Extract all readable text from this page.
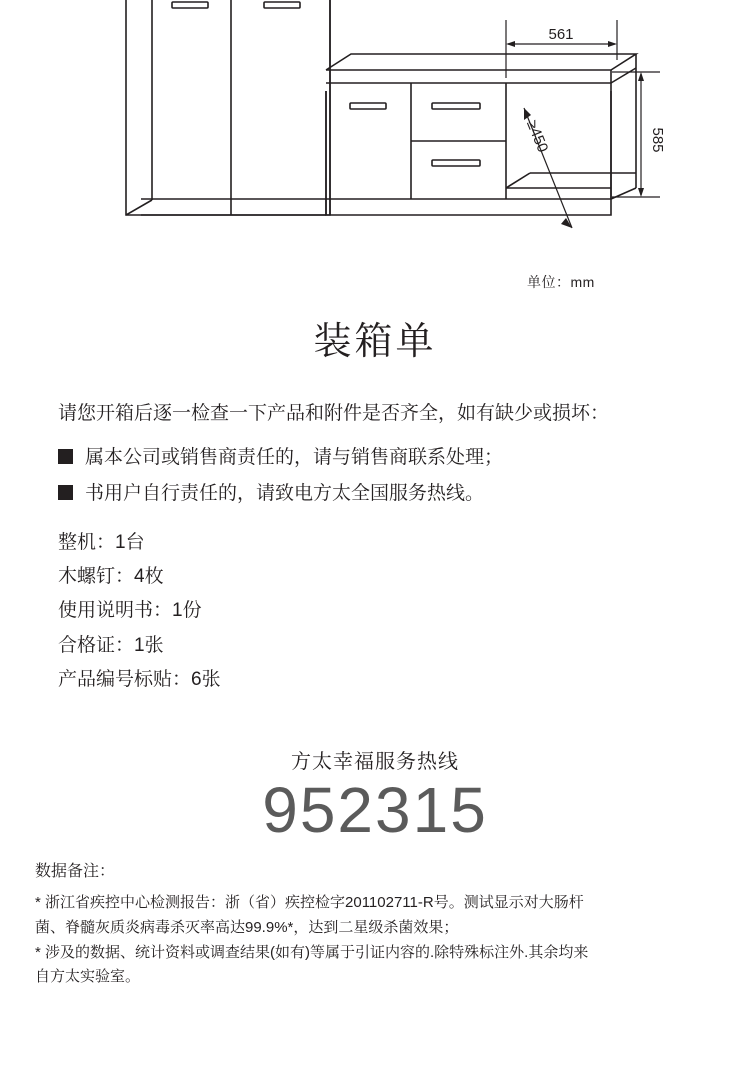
561
585
≥450
单位：mm
装箱单
请您开箱后逐一检查一下产品和附件是否齐全，如有缺少或损坏：
属本公司或销售商责任的，请与销售商联系处理；
书用户自行责任的，请致电方太全国服务热线。
整机：1台
木螺钉：4枚
使用说明书：1份
合格证：1张
产品编号标贴：6张
方太幸福服务热线
952315
数据备注：
* 浙江省疾控中心检测报告：浙（省）疾控检字201102711-R号。测试显示对大肠杆
菌、脊髓灰质炎病毒杀灭率高达99.9%*，达到二星级杀菌效果；
* 涉及的数据、统计资料或调查结果(如有)等属于引证内容的.除特殊标注外.其余均来
自方太实验室。
